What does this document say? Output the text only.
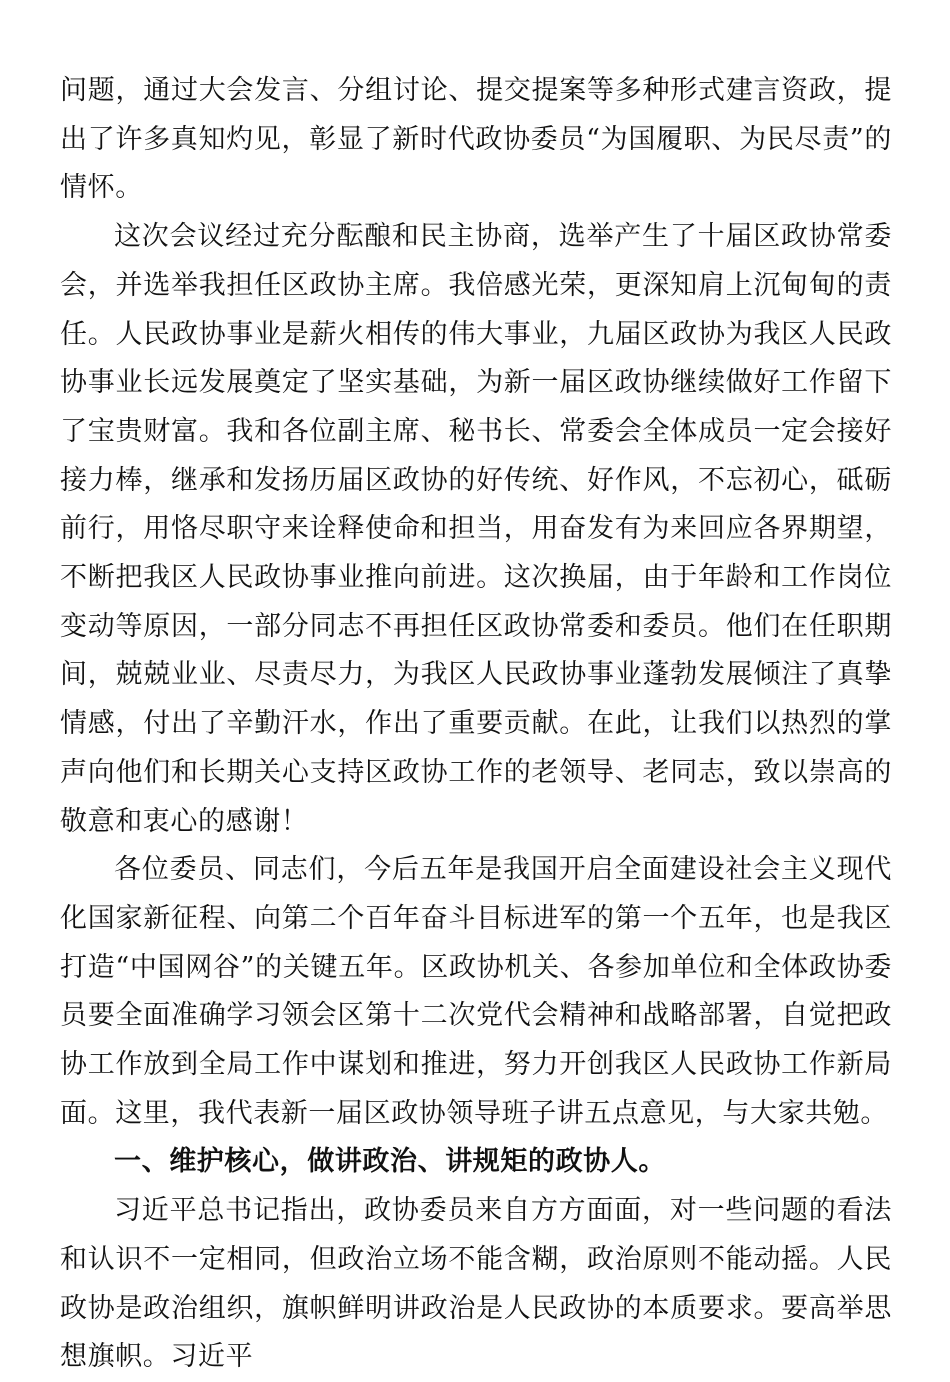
问题，通过大会发言、分组讨论、提交提案等多种形式建言资政，提出了许多真知灼见，彰显了新时代政协委员“为国履职、为民尽责”的情怀。

这次会议经过充分酝酿和民主协商，选举产生了十届区政协常委会，并选举我担任区政协主席。我倍感光荣，更深知肩上沉甸甸的责任。人民政协事业是薪火相传的伟大事业，九届区政协为我区人民政协事业长远发展奠定了坚实基础，为新一届区政协继续做好工作留下了宝贵财富。我和各位副主席、秘书长、常委会全体成员一定会接好接力棒，继承和发扬历届区政协的好传统、好作风，不忘初心，砥砺前行，用恪尽职守来诠释使命和担当，用奋发有为来回应各界期望，不断把我区人民政协事业推向前进。这次换届，由于年龄和工作岗位变动等原因，一部分同志不再担任区政协常委和委员。他们在任职期间，兢兢业业、尽责尽力，为我区人民政协事业蓬勃发展倾注了真挚情感，付出了辛勤汗水，作出了重要贡献。在此，让我们以热烈的掌声向他们和长期关心支持区政协工作的老领导、老同志，致以崇高的敬意和衷心的感谢！

各位委员、同志们，今后五年是我国开启全面建设社会主义现代化国家新征程、向第二个百年奋斗目标进军的第一个五年，也是我区打造“中国网谷”的关键五年。区政协机关、各参加单位和全体政协委员要全面准确学习领会区第十二次党代会精神和战略部署，自觉把政协工作放到全局工作中谋划和推进，努力开创我区人民政协工作新局面。这里，我代表新一届区政协领导班子讲五点意见，与大家共勉。

一、维护核心，做讲政治、讲规矩的政协人。

习近平总书记指出，政协委员来自方方面面，对一些问题的看法和认识不一定相同，但政治立场不能含糊，政治原则不能动摇。人民政协是政治组织，旗帜鲜明讲政治是人民政协的本质要求。要高举思想旗帜。习近平
